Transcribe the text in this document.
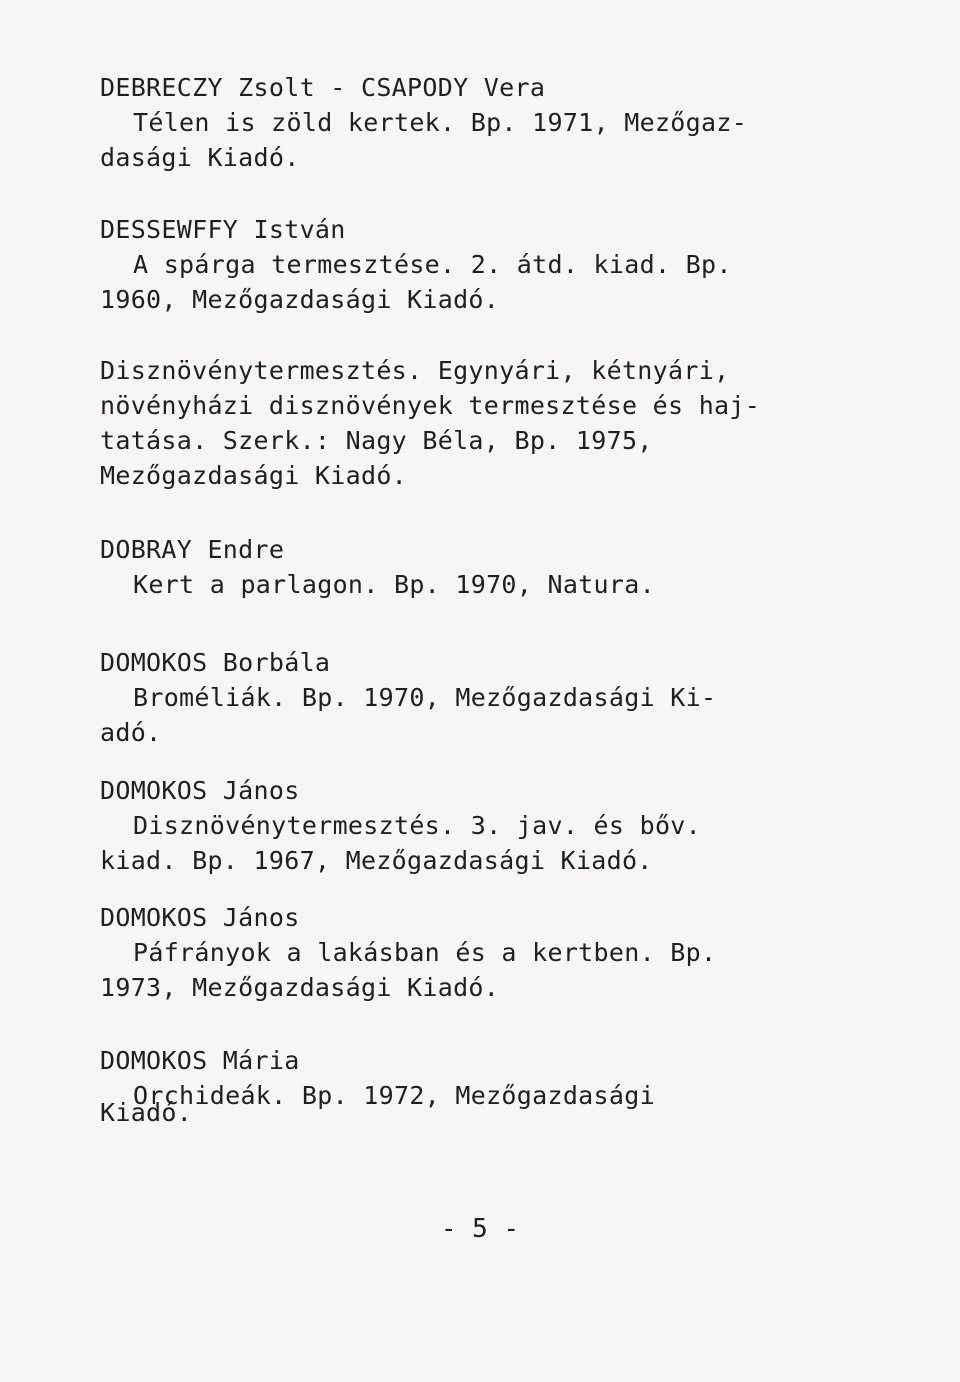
DEBRECZY Zsolt - CSAPODY Vera
Télen is zöld kertek. Bp. 1971, Mezőgaz-
dasági Kiadó.
DESSEWFFY István
A spárga termesztése. 2. átd. kiad. Bp.
1960, Mezőgazdasági Kiadó.
Disznövénytermesztés. Egynyári, kétnyári,
növényházi disznövények termesztése és haj-
tatása. Szerk.: Nagy Béla, Bp. 1975,
Mezőgazdasági Kiadó.
DOBRAY Endre
Kert a parlagon. Bp. 1970, Natura.
DOMOKOS Borbála
Broméliák. Bp. 1970, Mezőgazdasági Ki-
adó.
DOMOKOS János
Disznövénytermesztés. 3. jav. és bőv.
kiad. Bp. 1967, Mezőgazdasági Kiadó.
DOMOKOS János
Páfrányok a lakásban és a kertben. Bp.
1973, Mezőgazdasági Kiadó.
DOMOKOS Mária
Orchideák. Bp. 1972, Mezőgazdasági
Kiadó.
- 5 -
